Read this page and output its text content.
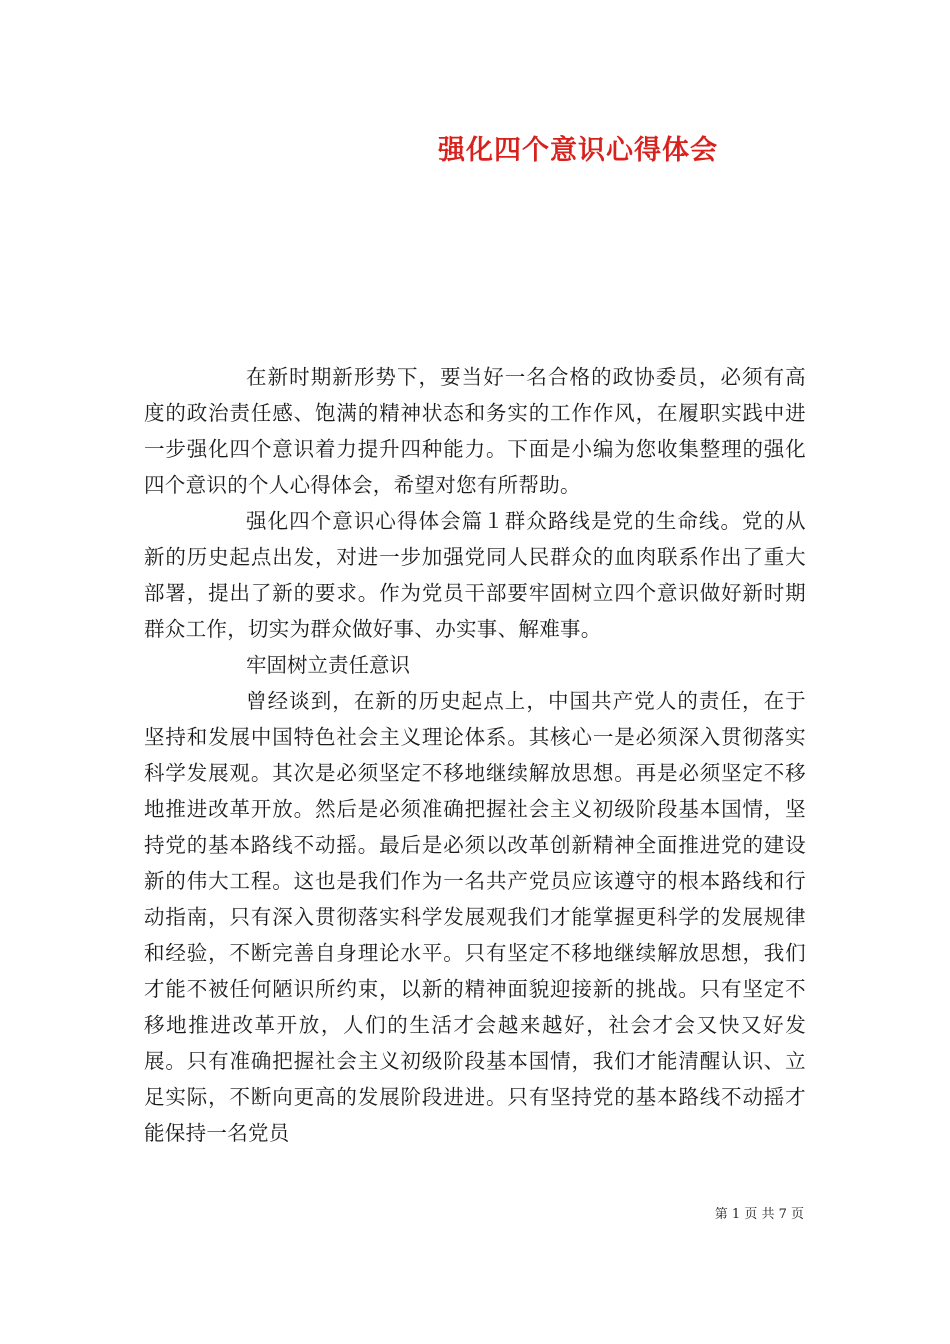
强化四个意识心得体会

在新时期新形势下，要当好一名合格的政协委员，必须有高度的政治责任感、饱满的精神状态和务实的工作作风，在履职实践中进一步强化四个意识着力提升四种能力。下面是小编为您收集整理的强化四个意识的个人心得体会，希望对您有所帮助。

强化四个意识心得体会篇１群众路线是党的生命线。党的从新的历史起点出发，对进一步加强党同人民群众的血肉联系作出了重大部署，提出了新的要求。作为党员干部要牢固树立四个意识做好新时期群众工作，切实为群众做好事、办实事、解难事。

牢固树立责任意识

曾经谈到，在新的历史起点上，中国共产党人的责任，在于坚持和发展中国特色社会主义理论体系。其核心一是必须深入贯彻落实科学发展观。其次是必须坚定不移地继续解放思想。再是必须坚定不移地推进改革开放。然后是必须准确把握社会主义初级阶段基本国情，坚持党的基本路线不动摇。最后是必须以改革创新精神全面推进党的建设新的伟大工程。这也是我们作为一名共产党员应该遵守的根本路线和行动指南，只有深入贯彻落实科学发展观我们才能掌握更科学的发展规律和经验，不断完善自身理论水平。只有坚定不移地继续解放思想，我们才能不被任何陋识所约束，以新的精神面貌迎接新的挑战。只有坚定不移地推进改革开放，人们的生活才会越来越好，社会才会又快又好发展。只有准确把握社会主义初级阶段基本国情，我们才能清醒认识、立足实际，不断向更高的发展阶段进进。只有坚持党的基本路线不动摇才能保持一名党员

第 1 页 共 7 页
